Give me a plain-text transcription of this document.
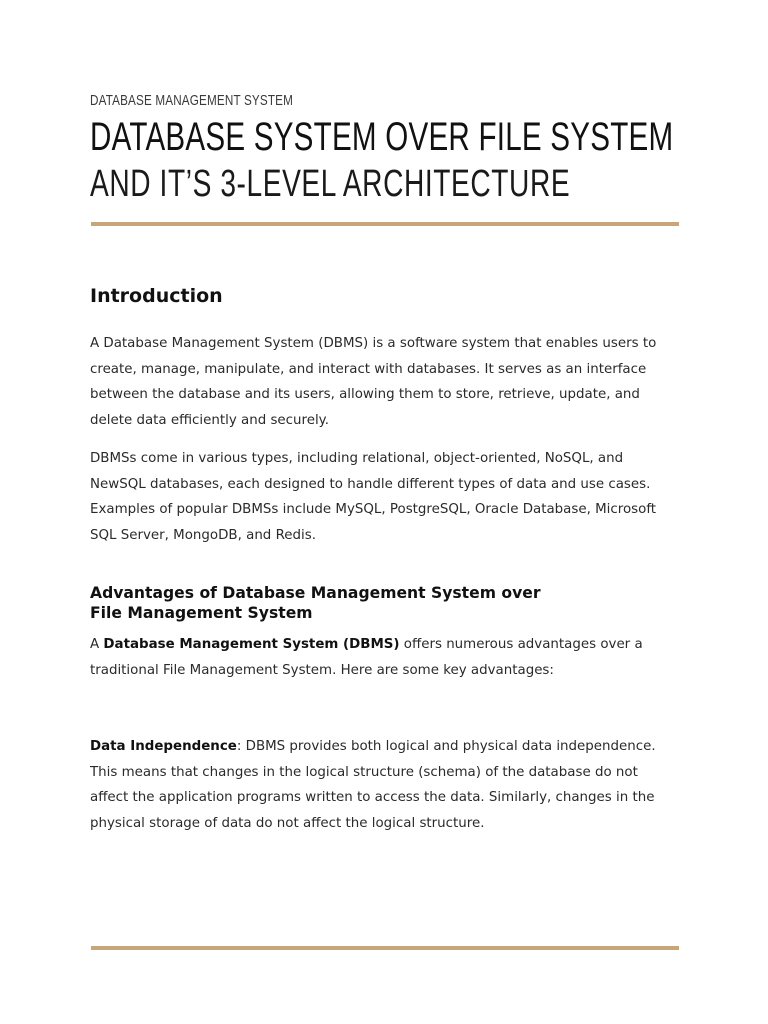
DATABASE MANAGEMENT SYSTEM
DATABASE SYSTEM OVER FILE SYSTEM
AND IT’S 3-LEVEL ARCHITECTURE
Introduction

A Database Management System (DBMS) is a software system that enables users to create, manage, manipulate, and interact with databases. It serves as an interface between the database and its users, allowing them to store, retrieve, update, and delete data efficiently and securely.

DBMSs come in various types, including relational, object-oriented, NoSQL, and NewSQL databases, each designed to handle different types of data and use cases. Examples of popular DBMSs include MySQL, PostgreSQL, Oracle Database, Microsoft SQL Server, MongoDB, and Redis.

Advantages of Database Management System over File Management System

A Database Management System (DBMS) offers numerous advantages over a traditional File Management System. Here are some key advantages:

Data Independence: DBMS provides both logical and physical data independence. This means that changes in the logical structure (schema) of the database do not affect the application programs written to access the data. Similarly, changes in the physical storage of data do not affect the logical structure.
